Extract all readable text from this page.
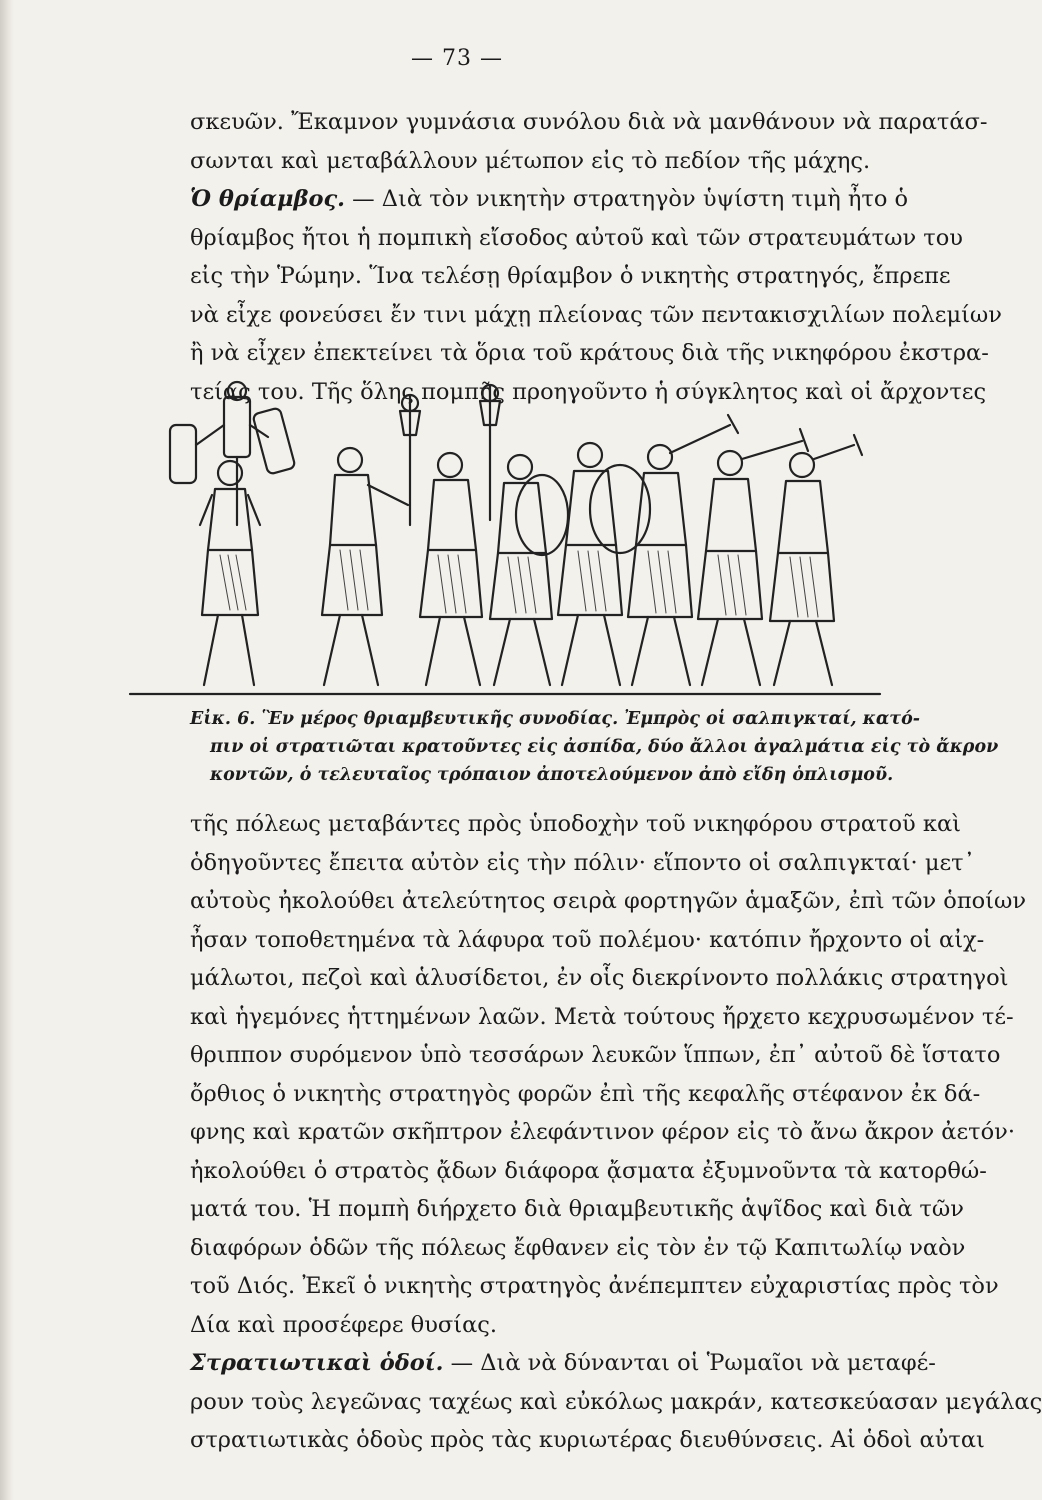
— 73 —
σκευῶν. Ἔκαμνον γυμνάσια συνόλου διὰ νὰ μανθάνουν νὰ παρατάσ-
σωνται καὶ μεταβάλλουν μέτωπον εἰς τὸ πεδίον τῆς μάχης.
Ὁ θρίαμβος. — Διὰ τὸν νικητὴν στρατηγὸν ὑψίστη τιμὴ ἦτο ὁ
θρίαμβος ἤτοι ἡ πομπικὴ εἴσοδος αὐτοῦ καὶ τῶν στρατευμάτων του
εἰς τὴν Ῥώμην. Ἵνα τελέσῃ θρίαμβον ὁ νικητὴς στρατηγός, ἔπρεπε
νὰ εἶχε φονεύσει ἔν τινι μάχῃ πλείονας τῶν πεντακισχιλίων πολεμίων
ἢ νὰ εἶχεν ἐπεκτείνει τὰ ὅρια τοῦ κράτους διὰ τῆς νικηφόρου ἐκστρα-
τείας του. Τῆς ὅλης πομπῆς προηγοῦντο ἡ σύγκλητος καὶ οἱ ἄρχοντες
Εἰκ. 6. Ἓν μέρος θριαμβευτικῆς συνοδίας. Ἐμπρὸς οἱ σαλπιγκταί, κατό-
πιν οἱ στρατιῶται κρατοῦντες εἰς ἀσπίδα, δύο ἄλλοι ἀγαλμάτια εἰς τὸ ἄκρον
κοντῶν, ὁ τελευταῖος τρόπαιον ἀποτελούμενον ἀπὸ εἴδη ὁπλισμοῦ.
τῆς πόλεως μεταβάντες πρὸς ὑποδοχὴν τοῦ νικηφόρου στρατοῦ καὶ
ὁδηγοῦντες ἔπειτα αὐτὸν εἰς τὴν πόλιν· εἵποντο οἱ σαλπιγκταί· μετ᾽
αὐτοὺς ἠκολούθει ἀτελεύτητος σειρὰ φορτηγῶν ἁμαξῶν, ἐπὶ τῶν ὁποίων
ἦσαν τοποθετημένα τὰ λάφυρα τοῦ πολέμου· κατόπιν ἤρχοντο οἱ αἰχ-
μάλωτοι, πεζοὶ καὶ ἁλυσίδετοι, ἐν οἷς διεκρίνοντο πολλάκις στρατηγοὶ
καὶ ἡγεμόνες ἡττημένων λαῶν. Μετὰ τούτους ἤρχετο κεχρυσωμένον τέ-
θριππον συρόμενον ὑπὸ τεσσάρων λευκῶν ἵππων, ἐπ᾽ αὐτοῦ δὲ ἵστατο
ὄρθιος ὁ νικητὴς στρατηγὸς φορῶν ἐπὶ τῆς κεφαλῆς στέφανον ἐκ δά-
φνης καὶ κρατῶν σκῆπτρον ἐλεφάντινον φέρον εἰς τὸ ἄνω ἄκρον ἀετόν·
ἠκολούθει ὁ στρατὸς ᾄδων διάφορα ᾄσματα ἐξυμνοῦντα τὰ κατορθώ-
ματά του. Ἡ πομπὴ διήρχετο διὰ θριαμβευτικῆς ἁψῖδος καὶ διὰ τῶν
διαφόρων ὁδῶν τῆς πόλεως ἔφθανεν εἰς τὸν ἐν τῷ Καπιτωλίῳ ναὸν
τοῦ Διός. Ἐκεῖ ὁ νικητὴς στρατηγὸς ἀνέπεμπτεν εὐχαριστίας πρὸς τὸν
Δία καὶ προσέφερε θυσίας.
Στρατιωτικαὶ ὁδοί. — Διὰ νὰ δύνανται οἱ Ῥωμαῖοι νὰ μεταφέ-
ρουν τοὺς λεγεῶνας ταχέως καὶ εὐκόλως μακράν, κατεσκεύασαν μεγάλας
στρατιωτικὰς ὁδοὺς πρὸς τὰς κυριωτέρας διευθύνσεις. Αἱ ὁδοὶ αὐται
